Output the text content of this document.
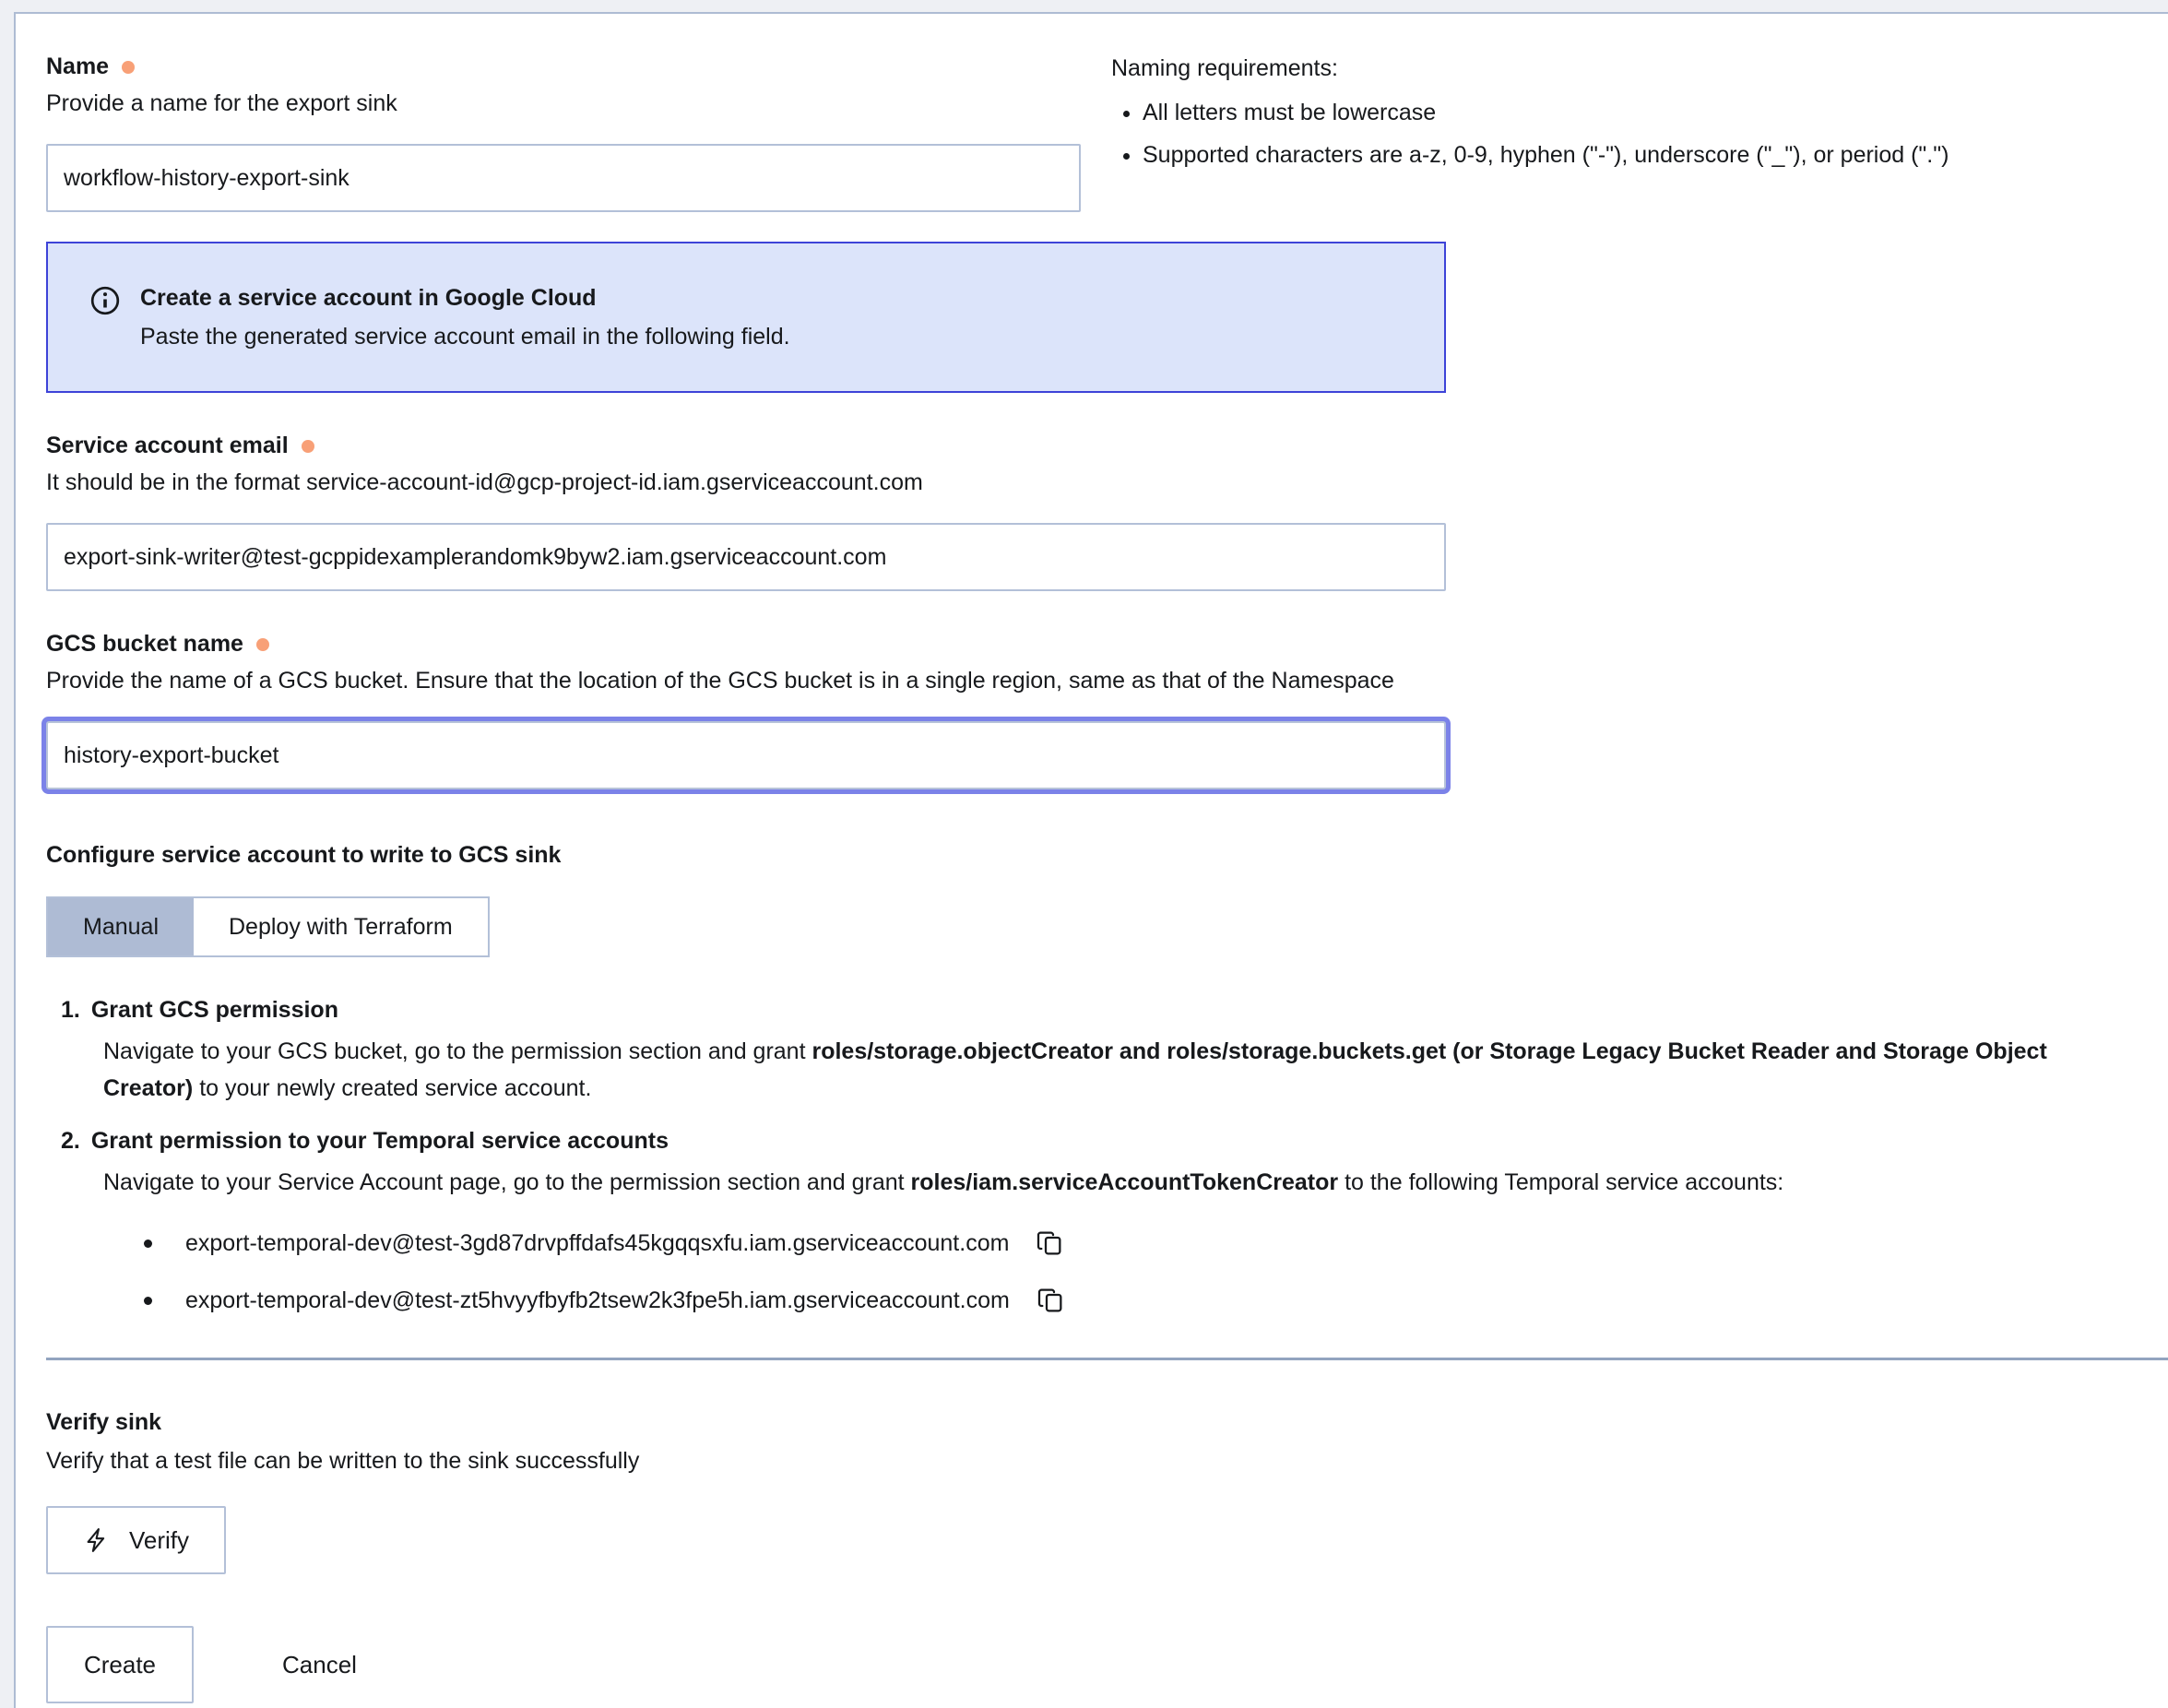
Name
Provide a name for the export sink
workflow-history-export-sink
Naming requirements:
• All letters must be lowercase
• Supported characters are a-z, 0-9, hyphen ("-"), underscore ("_"), or period (".")
Create a service account in Google Cloud
Paste the generated service account email in the following field.
Service account email
It should be in the format service-account-id@gcp-project-id.iam.gserviceaccount.com
export-sink-writer@test-gcppidexamplerandomk9byw2.iam.gserviceaccount.com
GCS bucket name
Provide the name of a GCS bucket. Ensure that the location of the GCS bucket is in a single region, same as that of the Namespace
history-export-bucket
Configure service account to write to GCS sink
Manual	Deploy with Terraform
1. Grant GCS permission
Navigate to your GCS bucket, go to the permission section and grant roles/storage.objectCreator and roles/storage.buckets.get (or Storage Legacy Bucket Reader and Storage Object Creator) to your newly created service account.
2. Grant permission to your Temporal service accounts
Navigate to your Service Account page, go to the permission section and grant roles/iam.serviceAccountTokenCreator to the following Temporal service accounts:
export-temporal-dev@test-3gd87drvpffdafs45kgqqsxfu.iam.gserviceaccount.com
export-temporal-dev@test-zt5hvyyfbyfb2tsew2k3fpe5h.iam.gserviceaccount.com
Verify sink
Verify that a test file can be written to the sink successfully
Verify
Create	Cancel
